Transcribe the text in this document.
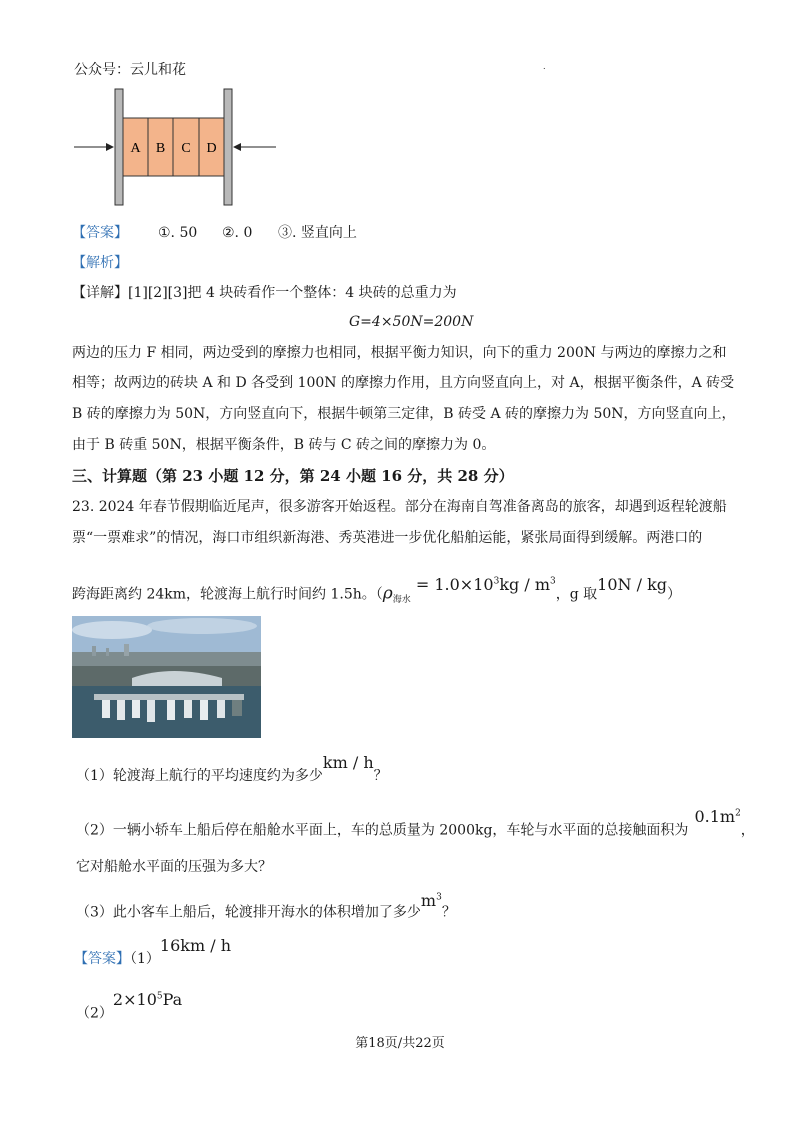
公众号：云儿和花	.
A B C D
【答案】 ①. 50 ②. 0 ③. 竖直向上
【解析】
【详解】[1][2][3]把 4 块砖看作一个整体：4 块砖的总重力为
G=4×50N=200N
两边的压力 F 相同，两边受到的摩擦力也相同，根据平衡力知识，向下的重力 200N 与两边的摩擦力之和
相等；故两边的砖块 A 和 D 各受到 100N 的摩擦力作用，且方向竖直向上，对 A，根据平衡条件，A 砖受
B 砖的摩擦力为 50N，方向竖直向下，根据牛顿第三定律，B 砖受 A 砖的摩擦力为 50N，方向竖直向上，
由于 B 砖重 50N，根据平衡条件，B 砖与 C 砖之间的摩擦力为 0。
三、计算题（第 23 小题 12 分，第 24 小题 16 分，共 28 分）
23. 2024 年春节假期临近尾声，很多游客开始返程。部分在海南自驾准备离岛的旅客，却遇到返程轮渡船
票“一票难求”的情况，海口市组织新海港、秀英港进一步优化船舶运能，紧张局面得到缓解。两港口的
跨海距离约 24km，轮渡海上航行时间约 1.5h。（$\rho_{海水} = 1.0\times 10^3kg / m^3$，g 取10N / kg）
（1）轮渡海上航行的平均速度约为多少km / h？
（2）一辆小轿车上船后停在船舱水平面上，车的总质量为 2000kg，车轮与水平面的总接触面积为$0.1m^2$，
它对船舱水平面的压强为多大？
（3）此小客车上船后，轮渡排开海水的体积增加了多少$m^3$？
【答案】（1）16km / h
$(2)2\times 10^5Pa$
第18页/共22页
